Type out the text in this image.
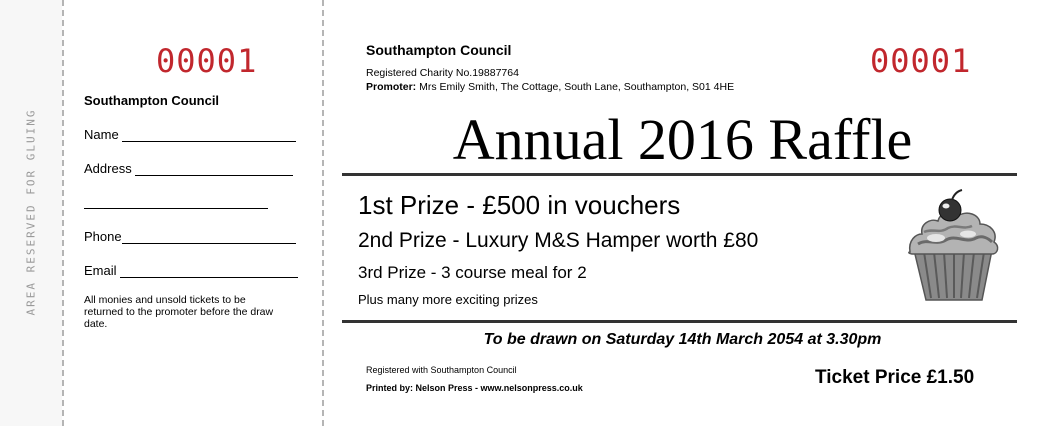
AREA RESERVED FOR GLUING
00001
Southampton Council
Name
Address
Phone
Email
All monies and unsold tickets to be returned to the promoter before the draw date.
Southampton Council	00001
Registered Charity No.19887764
Promoter: Mrs Emily Smith, The Cottage, South Lane, Southampton, S01 4HE
Annual 2016 Raffle
1st Prize - £500 in vouchers
2nd Prize - Luxury M&S Hamper worth £80
3rd Prize - 3 course meal for 2
Plus many more exciting prizes
To be drawn on Saturday 14th March 2054 at 3.30pm
Registered with Southampton Council
Printed by: Nelson Press - www.nelsonpress.co.uk	Ticket Price £1.50
